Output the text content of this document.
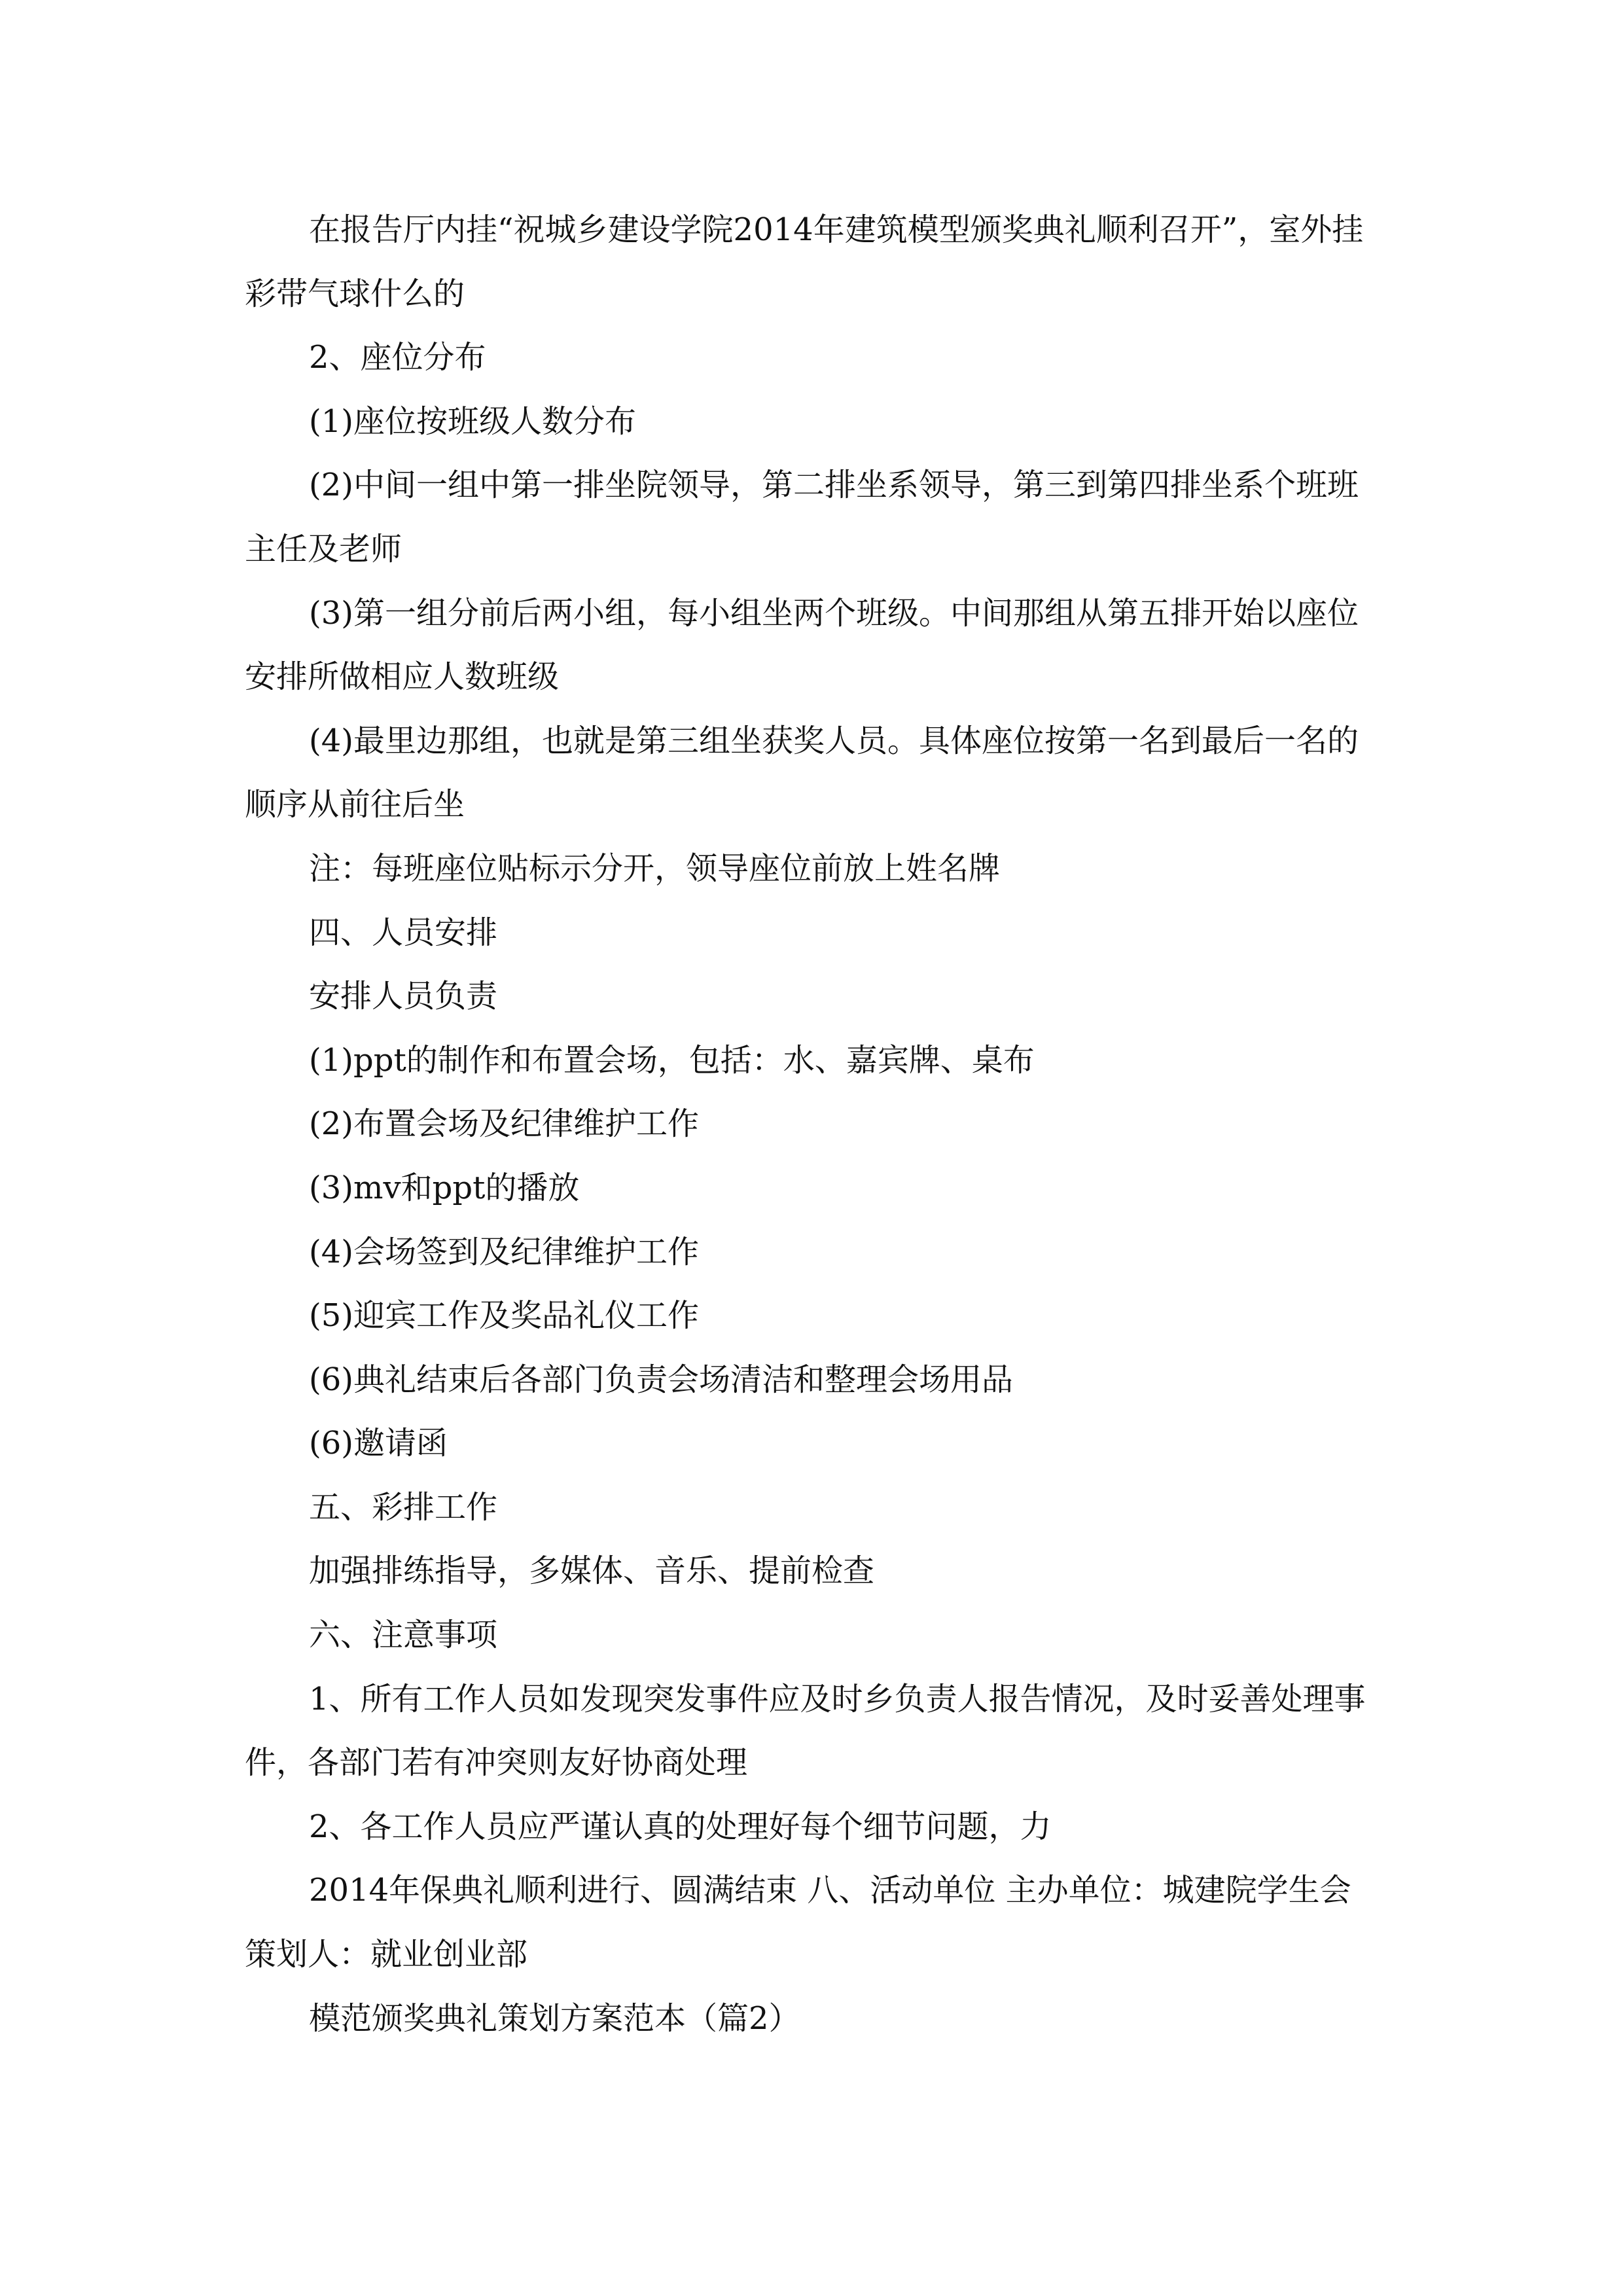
在报告厅内挂“祝城乡建设学院2014年建筑模型颁奖典礼顺利召开”，室外挂彩带气球什么的

2、座位分布

(1)座位按班级人数分布

(2)中间一组中第一排坐院领导，第二排坐系领导，第三到第四排坐系个班班主任及老师

(3)第一组分前后两小组，每小组坐两个班级。中间那组从第五排开始以座位安排所做相应人数班级

(4)最里边那组，也就是第三组坐获奖人员。具体座位按第一名到最后一名的顺序从前往后坐

注：每班座位贴标示分开，领导座位前放上姓名牌

四、人员安排

安排人员负责

(1)ppt的制作和布置会场，包括：水、嘉宾牌、桌布

(2)布置会场及纪律维护工作

(3)mv和ppt的播放

(4)会场签到及纪律维护工作

(5)迎宾工作及奖品礼仪工作

(6)典礼结束后各部门负责会场清洁和整理会场用品

(6)邀请函

五、彩排工作

加强排练指导，多媒体、音乐、提前检查

六、注意事项

1、所有工作人员如发现突发事件应及时乡负责人报告情况，及时妥善处理事件，各部门若有冲突则友好协商处理

2、各工作人员应严谨认真的处理好每个细节问题，力

2014年保典礼顺利进行、圆满结束 八、活动单位 主办单位：城建院学生会策划人：就业创业部

模范颁奖典礼策划方案范本（篇2）
